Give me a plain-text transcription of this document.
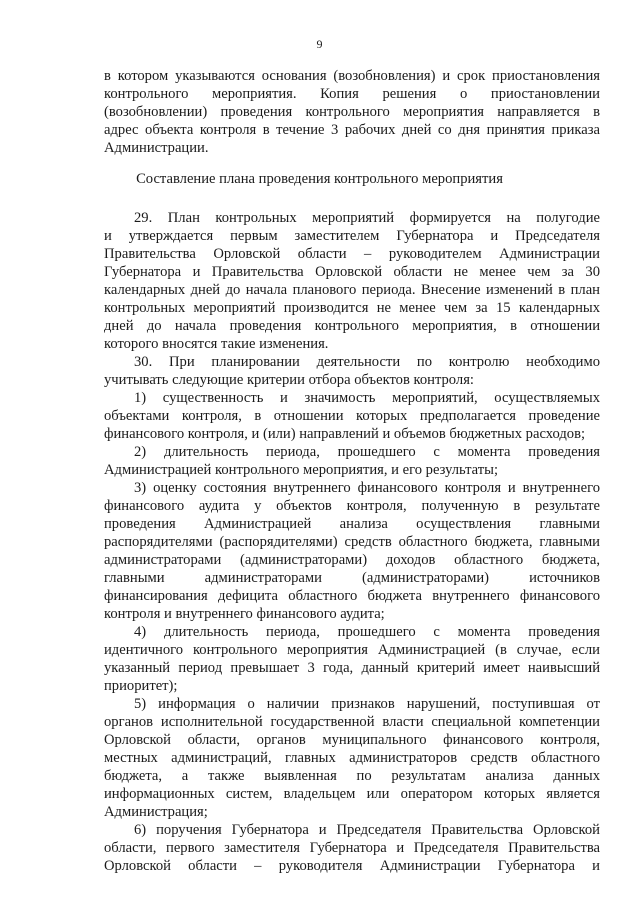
9
в котором указываются основания (возобновления) и срок приостановления
контрольного мероприятия. Копия решения о приостановлении
(возобновлении) проведения контрольного мероприятия направляется в
адрес объекта контроля в течение 3 рабочих дней со дня принятия приказа
Администрации.
Составление плана проведения контрольного мероприятия
29. План контрольных мероприятий формируется на полугодие
и утверждается первым заместителем Губернатора и Председателя
Правительства Орловской области – руководителем Администрации
Губернатора и Правительства Орловской области не менее чем за 30
календарных дней до начала планового периода. Внесение изменений в план
контрольных мероприятий производится не менее чем за 15 календарных
дней до начала проведения контрольного мероприятия, в отношении
которого вносятся такие изменения.
30. При планировании деятельности по контролю необходимо
учитывать следующие критерии отбора объектов контроля:
1) существенность и значимость мероприятий, осуществляемых
объектами контроля, в отношении которых предполагается проведение
финансового контроля, и (или) направлений и объемов бюджетных расходов;
2) длительность периода, прошедшего с момента проведения
Администрацией контрольного мероприятия, и его результаты;
3) оценку состояния внутреннего финансового контроля и внутреннего
финансового аудита у объектов контроля, полученную в результате
проведения Администрацией анализа осуществления главными
распорядителями (распорядителями) средств областного бюджета, главными
администраторами (администраторами) доходов областного бюджета,
главными администраторами (администраторами) источников
финансирования дефицита областного бюджета внутреннего финансового
контроля и внутреннего финансового аудита;
4) длительность периода, прошедшего с момента проведения
идентичного контрольного мероприятия Администрацией (в случае, если
указанный период превышает 3 года, данный критерий имеет наивысший
приоритет);
5) информация о наличии признаков нарушений, поступившая от
органов исполнительной государственной власти специальной компетенции
Орловской области, органов муниципального финансового контроля,
местных администраций, главных администраторов средств областного
бюджета, а также выявленная по результатам анализа данных
информационных систем, владельцем или оператором которых является
Администрация;
6) поручения Губернатора и Председателя Правительства Орловской
области, первого заместителя Губернатора и Председателя Правительства
Орловской области – руководителя Администрации Губернатора и
